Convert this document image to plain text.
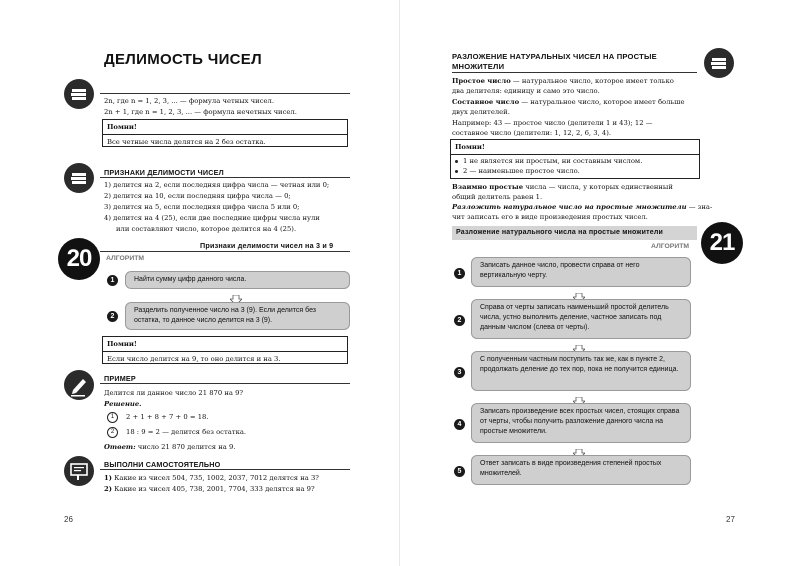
ДЕЛИМОСТЬ ЧИСЕЛ
2n, где n = 1, 2, 3, ... — формула четных чисел.
2n + 1, где n = 1, 2, 3, ... — формула нечетных чисел.
Помни!
Все четные числа делятся на 2 без остатка.
ПРИЗНАКИ ДЕЛИМОСТИ ЧИСЕЛ
1) делится на 2, если последняя цифра числа — четная или 0;
2) делится на 10, если последняя цифра числа — 0;
3) делится на 5, если последняя цифра числа 5 или 0;
4) делится на 4 (25), если две последние цифры числа нули
или составляют число, которое делится на 4 (25).
20	Признаки делимости чисел на 3 и 9
АЛГОРИТМ
1	Найти сумму цифр данного числа.
2
Разделить полученное число на 3 (9). Если делится без остатка, то данное число делится на 3 (9).
Помни!
Если число делится на 9, то оно делится и на 3.
ПРИМЕР
Делится ли данное число 21 870 на 9?
Решение.
1	2 + 1 + 8 + 7 + 0 = 18.
2	18 : 9 = 2 — делится без остатка.
Ответ: число 21 870 делится на 9.
ВЫПОЛНИ САМОСТОЯТЕЛЬНО
1) Какие из чисел 504, 735, 1002, 2037, 7012 делятся на 3?
2) Какие из чисел 405, 738, 2001, 7704, 333 делятся на 9?
26
РАЗЛОЖЕНИЕ НАТУРАЛЬНЫХ ЧИСЕЛ НА ПРОСТЫЕ
МНОЖИТЕЛИ
Простое число — натуральное число, которое имеет только
два делителя: единицу и само это число.
Составное число — натуральное число, которое имеет больше
двух делителей.
Например: 43 — простое число (делители 1 и 43); 12 —
составное число (делители: 1, 12, 2, 6, 3, 4).
Помни!
1 не является ни простым, ни составным числом.
2 — наименьшее простое число.
Взаимно простые числа — числа, у которых единственный
общий делитель равен 1.
Разложить натуральное число на простые множители — зна-
чит записать его в виде произведения простых чисел.
Разложение натурального числа на простые множители	21
АЛГОРИТМ
1
Записать данное число, провести справа от него вертикальную черту.
2
Справа от черты записать наименьший простой делитель числа, устно выполнить деление, частное записать под данным числом (слева от черты).
3
С полученным частным поступить так же, как в пункте 2, продолжать деление до тех пор, пока не получится единица.
4
Записать произведение всех простых чисел, стоящих справа от черты, чтобы получить разложение данного числа на простые множители.
5
Ответ записать в виде произведения степеней простых множителей.
27
